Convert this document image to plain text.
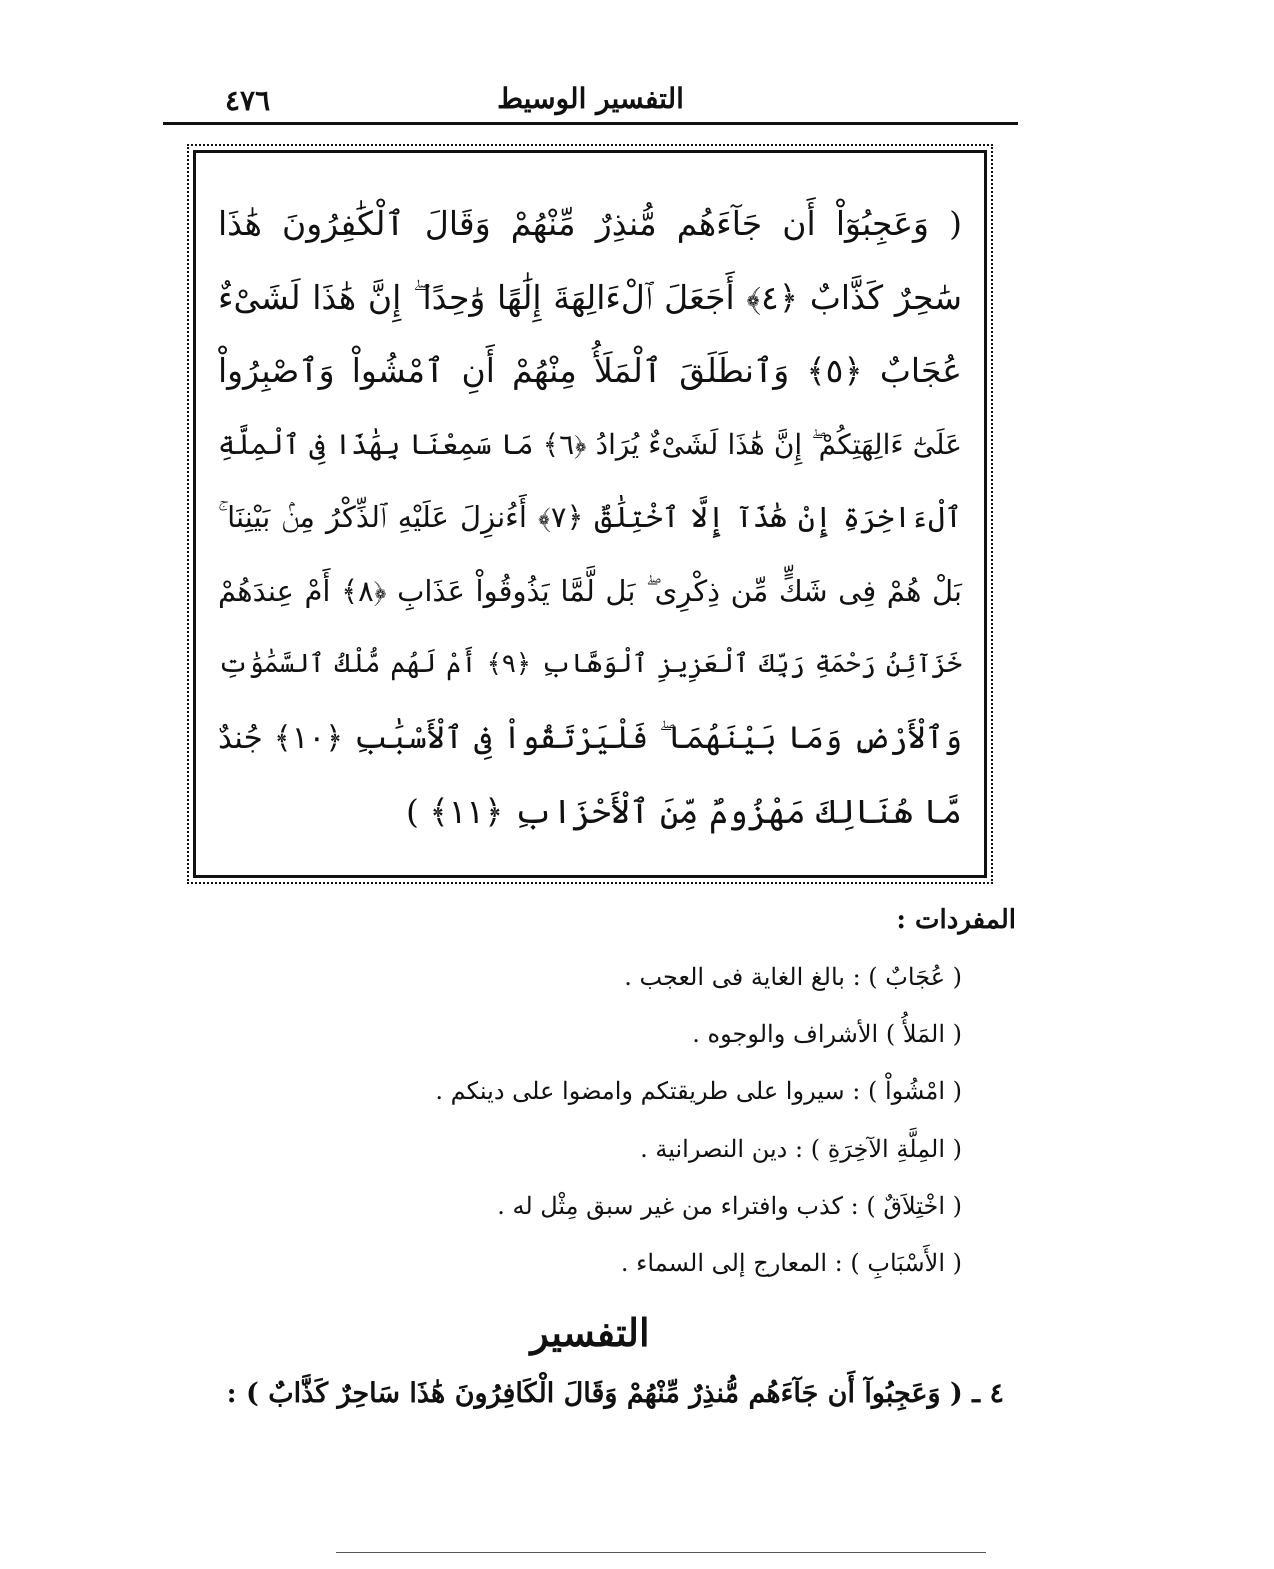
٤٧٦	التفسير الوسيط
( وَعَجِبُوٓاْ أَن جَآءَهُم مُّنذِرٌ مِّنْهُمْ وَقَالَ ٱلْكَٰفِرُونَ هَٰذَا
سَٰحِرٌ كَذَّابٌ ﴿٤﴾ أَجَعَلَ ٱلْءَالِهَةَ إِلَٰهًا وَٰحِدًا ۖ إِنَّ هَٰذَا لَشَىْءٌ
عُجَابٌ ﴿٥﴾ وَٱنطَلَقَ ٱلْمَلَأُ مِنْهُمْ أَنِ ٱمْشُواْ وَٱصْبِرُواْ
عَلَىٰٓ ءَالِهَتِكُمْ ۖ إِنَّ هَٰذَا لَشَىْءٌ يُرَادُ ﴿٦﴾ مَا سَمِعْنَا بِهَٰذَا فِى ٱلْمِلَّةِ
ٱلْءَاخِرَةِ إِنْ هَٰذَآ إِلَّا ٱخْتِلَٰقٌ ﴿٧﴾ أَءُنزِلَ عَلَيْهِ ٱلذِّكْرُ مِنۢ بَيْنِنَا ۚ
بَلْ هُمْ فِى شَكٍّ مِّن ذِكْرِى ۖ بَل لَّمَّا يَذُوقُواْ عَذَابِ ﴿٨﴾ أَمْ عِندَهُمْ
خَزَآئِنُ رَحْمَةِ رَبِّكَ ٱلْعَزِيزِ ٱلْوَهَّابِ ﴿٩﴾ أَمْ لَهُم مُّلْكُ ٱلسَّمَٰوَٰتِ
وَٱلْأَرْضِ وَمَا بَيْنَهُمَا ۖ فَلْيَرْتَقُواْ فِى ٱلْأَسْبَٰبِ ﴿١٠﴾ جُندٌ
مَّا هُنَالِكَ مَهْزُومٌ مِّنَ ٱلْأَحْزَابِ ﴿١١﴾ )
المفردات :
( عُجَابٌ ) : بالغ الغاية فى العجب .
( المَلأُ ) الأشراف والوجوه .
( امْشُواْ ) : سيروا على طريقتكم وامضوا على دينكم .
( المِلَّةِ الآخِرَةِ ) : دين النصرانية .
( اخْتِلاَقٌ ) : كذب وافتراء من غير سبق مِثْل له .
( الأَسْبَابِ ) : المعارج إلى السماء .
التفسير
٤ ـ ( وَعَجِبُوآ أَن جَآءَهُم مُّنذِرٌ مِّنْهُمْ وَقَالَ الْكَافِرُونَ هَٰذَا سَاحِرٌ كَذَّابٌ ) :
